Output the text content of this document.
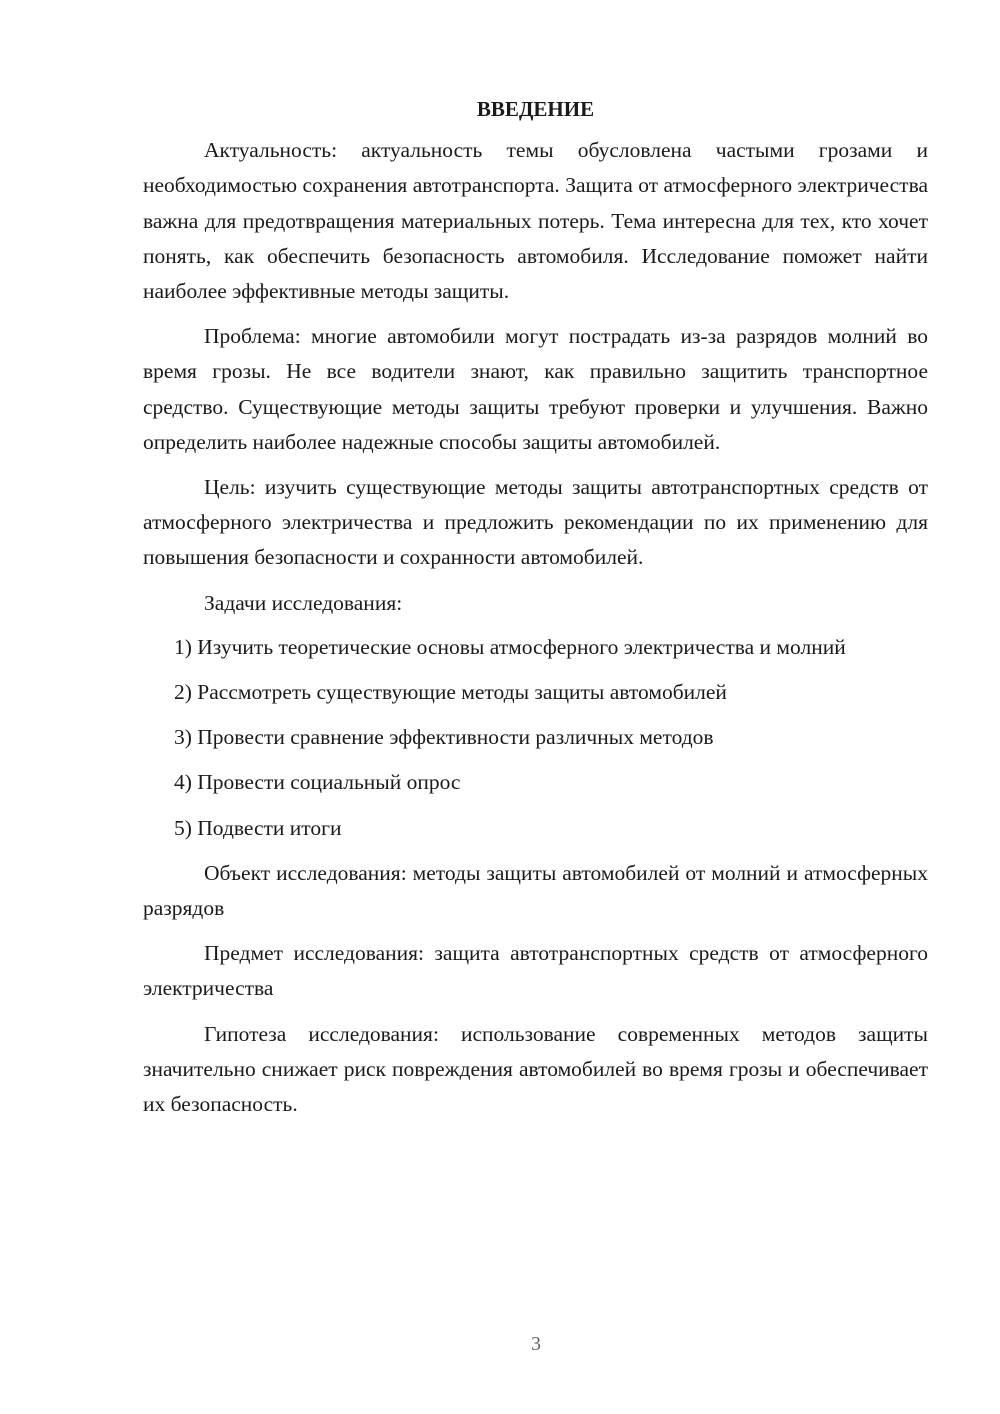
ВВЕДЕНИЕ

Актуальность: актуальность темы обусловлена частыми грозами и необходимостью сохранения автотранспорта. Защита от атмосферного электричества важна для предотвращения материальных потерь. Тема интересна для тех, кто хочет понять, как обеспечить безопасность автомобиля. Исследование поможет найти наиболее эффективные методы защиты.

Проблема: многие автомобили могут пострадать из-за разрядов молний во время грозы. Не все водители знают, как правильно защитить транспортное средство. Существующие методы защиты требуют проверки и улучшения. Важно определить наиболее надежные способы защиты автомобилей.

Цель: изучить существующие методы защиты автотранспортных средств от атмосферного электричества и предложить рекомендации по их применению для повышения безопасности и сохранности автомобилей.

Задачи исследования:

1) Изучить теоретические основы атмосферного электричества и молний

2) Рассмотреть существующие методы защиты автомобилей

3) Провести сравнение эффективности различных методов

4) Провести социальный опрос

5) Подвести итоги

Объект исследования: методы защиты автомобилей от молний и атмосферных разрядов

Предмет исследования: защита автотранспортных средств от атмосферного электричества

Гипотеза исследования: использование современных методов защиты значительно снижает риск повреждения автомобилей во время грозы и обеспечивает их безопасность.

3
